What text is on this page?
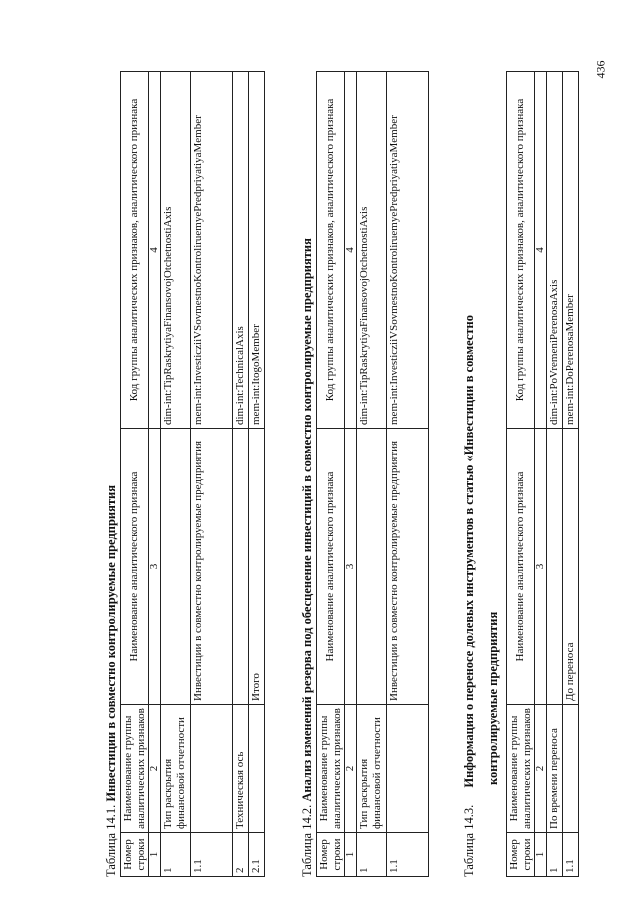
Таблица 14.1. Инвестиции в совместно контролируемые предприятия
Номер строки	Наименование группы аналитических признаков	Наименование аналитического признака	Код группы аналитических признаков, аналитического признака
1	2	3	4
1	Тип раскрытия финансовой отчетности		dim-int:TipRaskrytiyaFinansovojOtchetnostiAxis
1.1		Инвестиции в совместно контролируемые предприятия	mem-int:InvesticziiVSovmestnoKontroliruemyePredpriyatiyaMember
2	Техническая ось		dim-int:TechnicalAxis
2.1		Итого	mem-int:ItogoMember
Таблица 14.2. Анализ изменений резерва под обесценение инвестиций в совместно контролируемые предприятия
Номер строки	Наименование группы аналитических признаков	Наименование аналитического признака	Код группы аналитических признаков, аналитического признака
1	2	3	4
1	Тип раскрытия финансовой отчетности		dim-int:TipRaskrytiyaFinansovojOtchetnostiAxis
1.1		Инвестиции в совместно контролируемые предприятия	mem-int:InvesticziiVSovmestnoKontroliruemyePredpriyatiyaMember
Таблица 14.3. Информация о переносе долевых инструментов в статью «Инвестиции в совместно контролируемые предприятия
Номер строки	Наименование группы аналитических признаков	Наименование аналитического признака	Код группы аналитических признаков, аналитического признака
1	2	3	4
1	По времени переноса		dim-int:PoVremeniPerenosaAxis
1.1		До переноса	mem-int:DoPerenosaMember
436
